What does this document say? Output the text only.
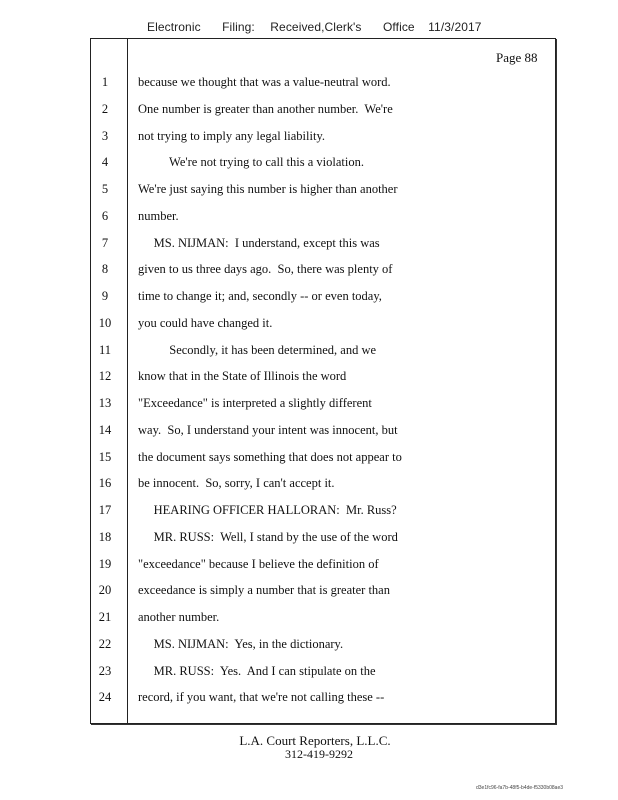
Electronic Filing: Received,Clerk's Office 11/3/2017
Page 88
1	because we thought that was a value-neutral word.
2	One number is greater than another number.  We're
3	not trying to imply any legal liability.
4	We're not trying to call this a violation.
5	We're just saying this number is higher than another
6	number.
7	MS. NIJMAN:  I understand, except this was
8	given to us three days ago.  So, there was plenty of
9	time to change it; and, secondly -- or even today,
10 you could have changed it.
11 Secondly, it has been determined, and we
12 know that in the State of Illinois the word
13 "Exceedance" is interpreted a slightly different
14 way.  So, I understand your intent was innocent, but
15 the document says something that does not appear to
16 be innocent.  So, sorry, I can't accept it.
17 HEARING OFFICER HALLORAN:  Mr. Russ?
18 MR. RUSS:  Well, I stand by the use of the word
19 "exceedance" because I believe the definition of
20 exceedance is simply a number that is greater than
21 another number.
22 MS. NIJMAN:  Yes, in the dictionary.
23 MR. RUSS:  Yes.  And I can stipulate on the
24 record, if you want, that we're not calling these --
L.A. Court Reporters, L.L.C.
312-419-9292
d3e1fc96-fa7b-48f5-b4de-f5330b08ae3
